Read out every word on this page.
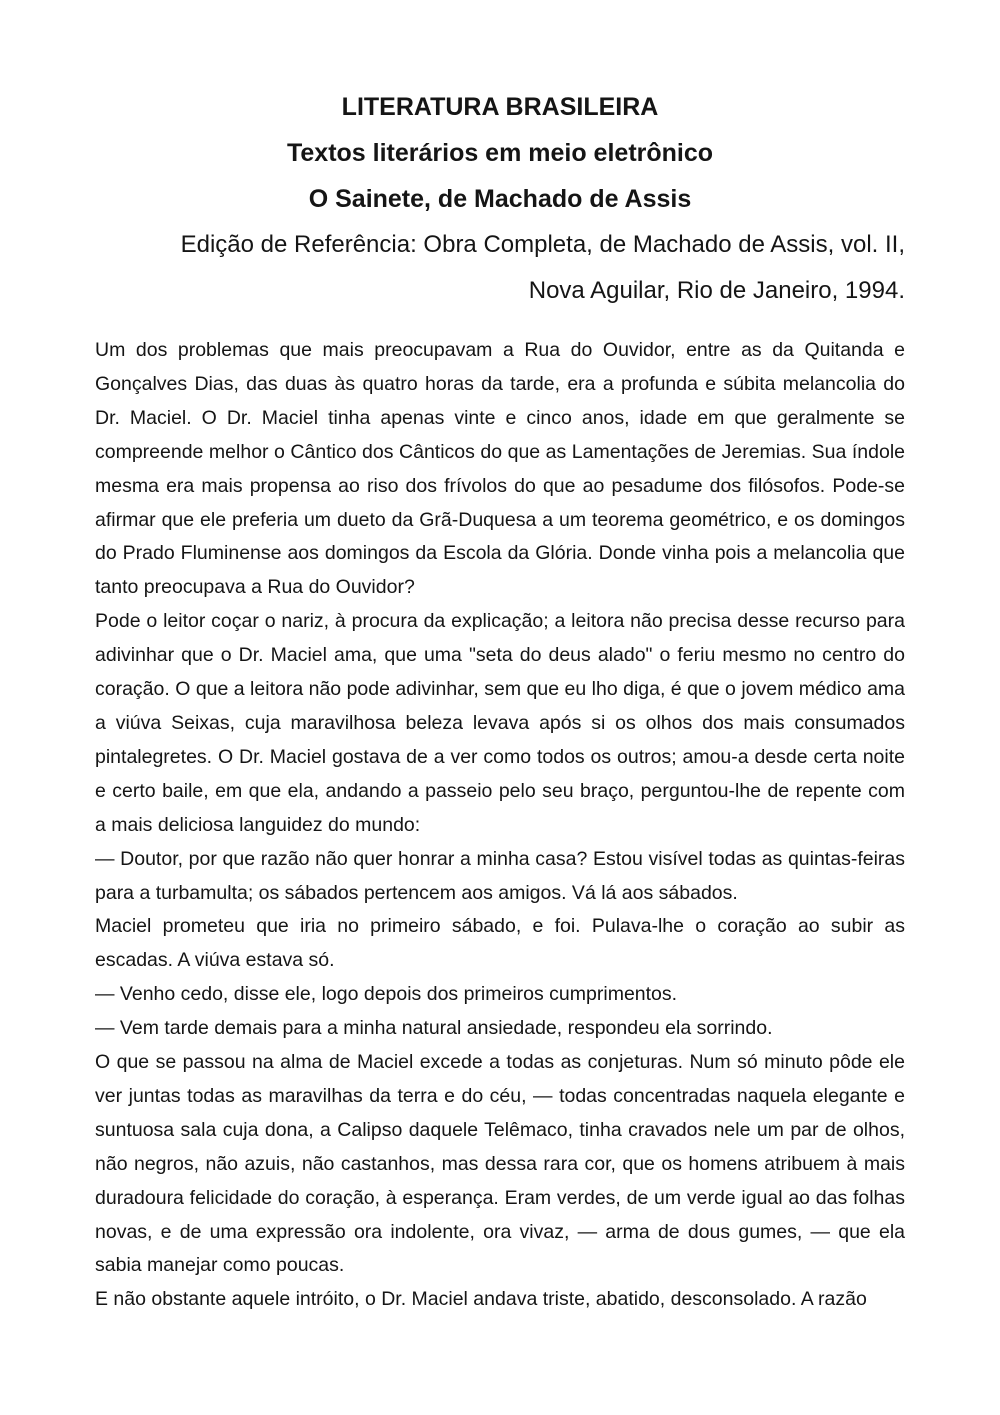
LITERATURA BRASILEIRA
Textos literários em meio eletrônico
O Sainete, de Machado de Assis
Edição de Referência: Obra Completa, de Machado de Assis, vol. II,
Nova Aguilar, Rio de Janeiro, 1994.

Um dos problemas que mais preocupavam a Rua do Ouvidor, entre as da Quitanda e Gonçalves Dias, das duas às quatro horas da tarde, era a profunda e súbita melancolia do Dr. Maciel. O Dr. Maciel tinha apenas vinte e cinco anos, idade em que geralmente se compreende melhor o Cântico dos Cânticos do que as Lamentações de Jeremias. Sua índole mesma era mais propensa ao riso dos frívolos do que ao pesadume dos filósofos. Pode-se afirmar que ele preferia um dueto da Grã-Duquesa a um teorema geométrico, e os domingos do Prado Fluminense aos domingos da Escola da Glória. Donde vinha pois a melancolia que tanto preocupava a Rua do Ouvidor?

Pode o leitor coçar o nariz, à procura da explicação; a leitora não precisa desse recurso para adivinhar que o Dr. Maciel ama, que uma "seta do deus alado" o feriu mesmo no centro do coração. O que a leitora não pode adivinhar, sem que eu lho diga, é que o jovem médico ama a viúva Seixas, cuja maravilhosa beleza levava após si os olhos dos mais consumados pintalegretes. O Dr. Maciel gostava de a ver como todos os outros; amou-a desde certa noite e certo baile, em que ela, andando a passeio pelo seu braço, perguntou-lhe de repente com a mais deliciosa languidez do mundo:

— Doutor, por que razão não quer honrar a minha casa? Estou visível todas as quintas-feiras para a turbamulta; os sábados pertencem aos amigos. Vá lá aos sábados.

Maciel prometeu que iria no primeiro sábado, e foi. Pulava-lhe o coração ao subir as escadas. A viúva estava só.

— Venho cedo, disse ele, logo depois dos primeiros cumprimentos.

— Vem tarde demais para a minha natural ansiedade, respondeu ela sorrindo.

O que se passou na alma de Maciel excede a todas as conjeturas. Num só minuto pôde ele ver juntas todas as maravilhas da terra e do céu, — todas concentradas naquela elegante e suntuosa sala cuja dona, a Calipso daquele Telêmaco, tinha cravados nele um par de olhos, não negros, não azuis, não castanhos, mas dessa rara cor, que os homens atribuem à mais duradoura felicidade do coração, à esperança. Eram verdes, de um verde igual ao das folhas novas, e de uma expressão ora indolente, ora vivaz, — arma de dous gumes, — que ela sabia manejar como poucas.

E não obstante aquele intróito, o Dr. Maciel andava triste, abatido, desconsolado. A razão
